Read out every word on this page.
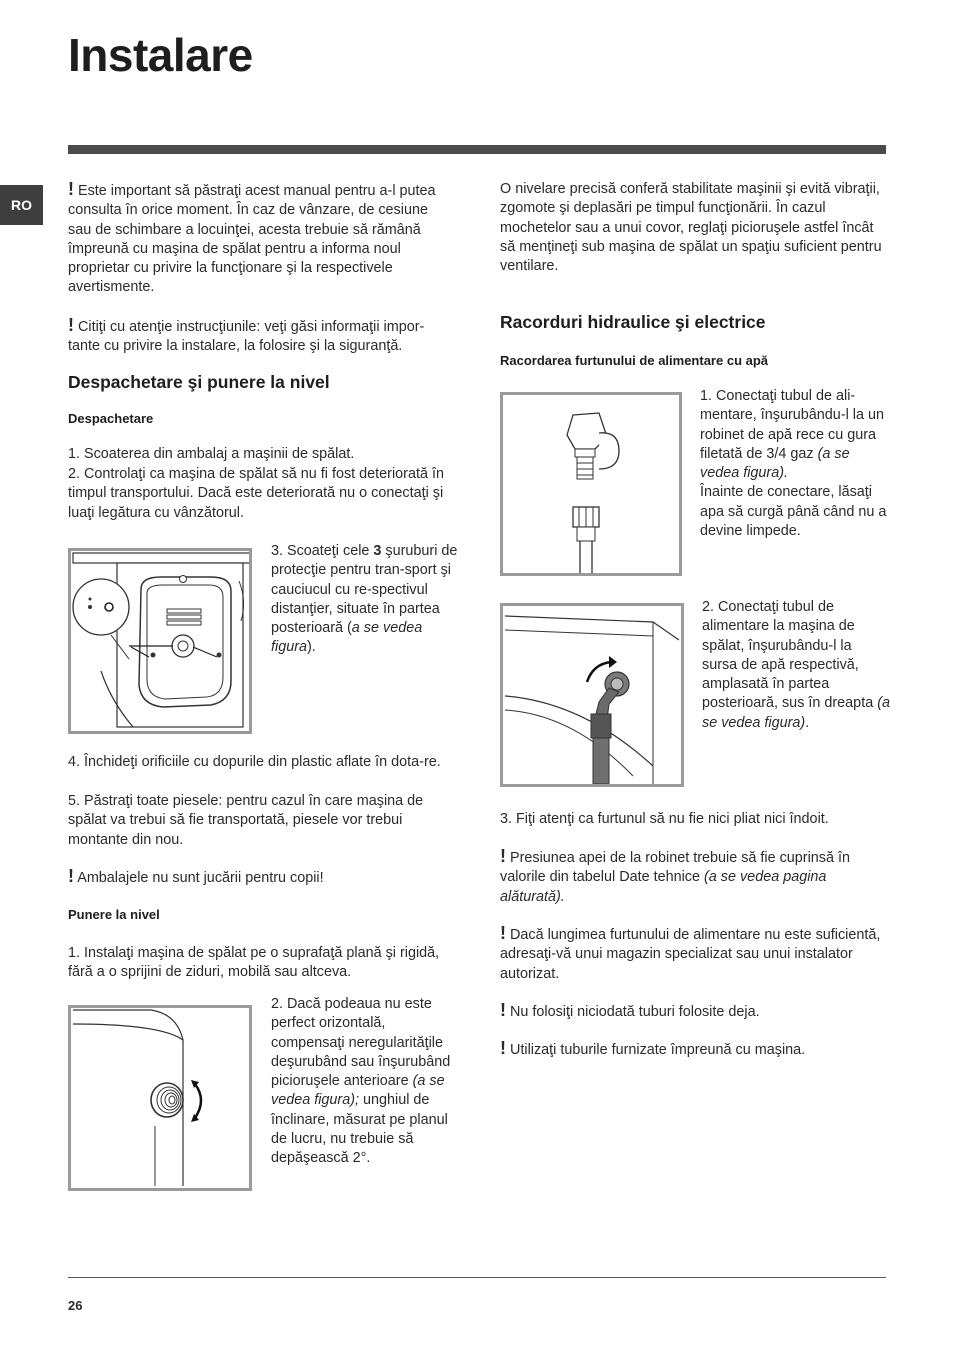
Instalare
RO

! Este important să păstraţi acest manual pentru a-l putea consulta în orice moment. În caz de vânzare, de cesiune sau de schimbare a locuinţei, acesta trebuie să rămână împreună cu maşina de spălat pentru a informa noul proprietar cu privire la funcţionare şi la respectivele avertismente.

! Citiţi cu atenţie instrucţiunile: veţi găsi informaţii impor-tante cu privire la instalare, la folosire şi la siguranţă.

Despachetare şi punere la nivel
Despachetare

1. Scoaterea din ambalaj a maşinii de spălat.

2. Controlaţi ca maşina de spălat să nu fi fost deteriorată în timpul transportului. Dacă este deteriorată nu o conectaţi şi luaţi legătura cu vânzătorul.

3. Scoateţi cele 3 şuruburi de protecţie pentru tran-sport şi cauciucul cu re-spectivul distanţier, situate în partea posterioară (a se vedea figura).

4. Închideţi orificiile cu dopurile din plastic aflate în dota-re.

5. Păstraţi toate piesele: pentru cazul în care maşina de spălat va trebui să fie transportată, piesele vor trebui montante din nou.

! Ambalajele nu sunt jucării pentru copii!

Punere la nivel

1. Instalaţi maşina de spălat pe o suprafaţă plană şi rigidă, fără a o sprijini de ziduri, mobilă sau altceva.

2. Dacă podeaua nu este perfect orizontală, compensaţi neregularităţile deşurubând sau înşurubând picioruşele anterioare (a se vedea figura); unghiul de înclinare, măsurat pe planul de lucru, nu trebuie să depăşească 2°.

O nivelare precisă conferă stabilitate maşinii şi evită vibraţii, zgomote şi deplasări pe timpul funcţionării. În cazul mochetelor sau a unui covor, reglaţi picioruşele astfel încât să menţineţi sub maşina de spălat un spaţiu suficient pentru ventilare.

Racorduri hidraulice şi electrice
Racordarea furtunului de alimentare cu apă

1. Conectaţi tubul de ali-mentare, înşurubându-l la un robinet de apă rece cu gura filetată de 3/4 gaz (a se vedea figura).
Înainte de conectare, lăsaţi apa să curgă până când nu a devine limpede.

2. Conectaţi tubul de alimentare la maşina de spălat, înşurubându-l la sursa de apă respectivă, amplasată în partea posterioară, sus în dreapta (a se vedea figura).

3. Fiţi atenţi ca furtunul să nu fie nici pliat nici îndoit.

! Presiunea apei de la robinet trebuie să fie cuprinsă în valorile din tabelul Date tehnice (a se vedea pagina alăturată).

! Dacă lungimea furtunului de alimentare nu este suficientă, adresaţi-vă unui magazin specializat sau unui instalator autorizat.

! Nu folosiţi niciodată tuburi folosite deja.

! Utilizaţi tuburile furnizate împreună cu maşina.

26
